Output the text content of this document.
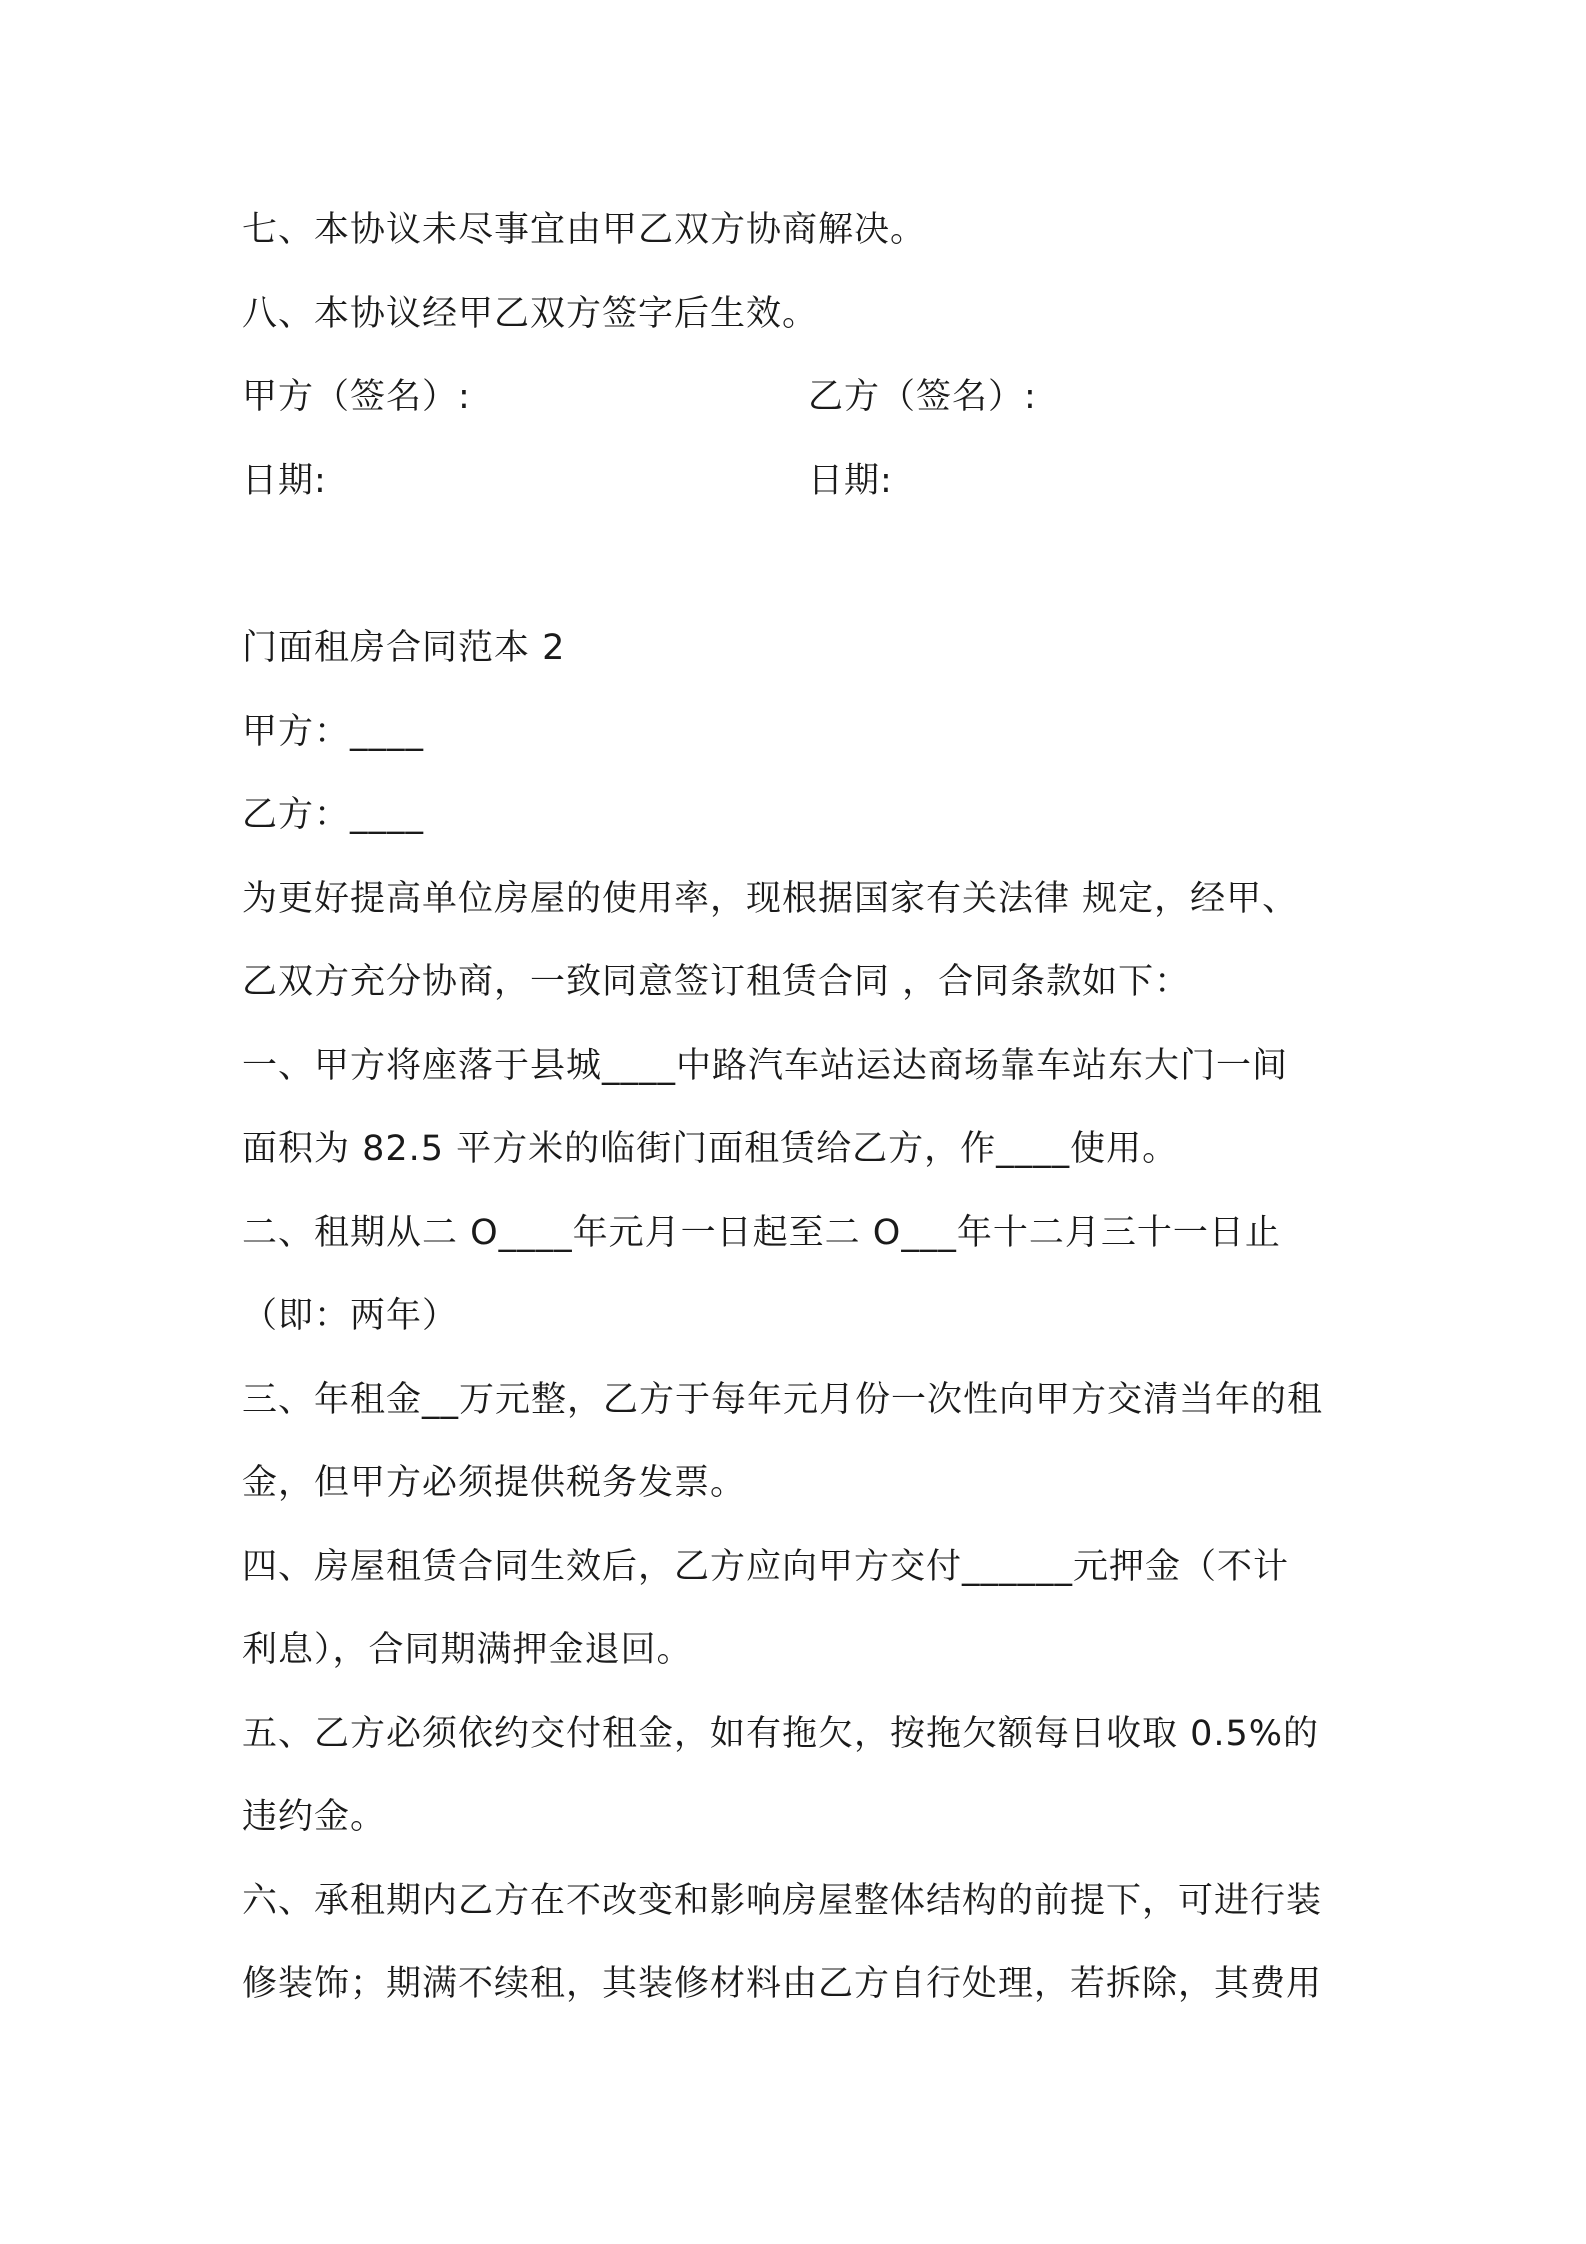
七、本协议未尽事宜由甲乙双方协商解决。
八、本协议经甲乙双方签字后生效。
甲方（签名）:	乙方（签名）:
日期:	日期:
门面租房合同范本 2
甲方：____
乙方：____
为更好提高单位房屋的使用率，现根据国家有关法律 规定，经甲、
乙双方充分协商，一致同意签订租赁合同 ，合同条款如下：
一、甲方将座落于县城____中路汽车站运达商场靠车站东大门一间
面积为 82.5 平方米的临街门面租赁给乙方，作____使用。
二、租期从二 O____年元月一日起至二 O___年十二月三十一日止
（即：两年）
三、年租金__万元整，乙方于每年元月份一次性向甲方交清当年的租
金，但甲方必须提供税务发票。
四、房屋租赁合同生效后，乙方应向甲方交付______元押金（不计
利息），合同期满押金退回。
五、乙方必须依约交付租金，如有拖欠，按拖欠额每日收取 0.5%的
违约金。
六、承租期内乙方在不改变和影响房屋整体结构的前提下，可进行装
修装饰；期满不续租，其装修材料由乙方自行处理，若拆除，其费用
